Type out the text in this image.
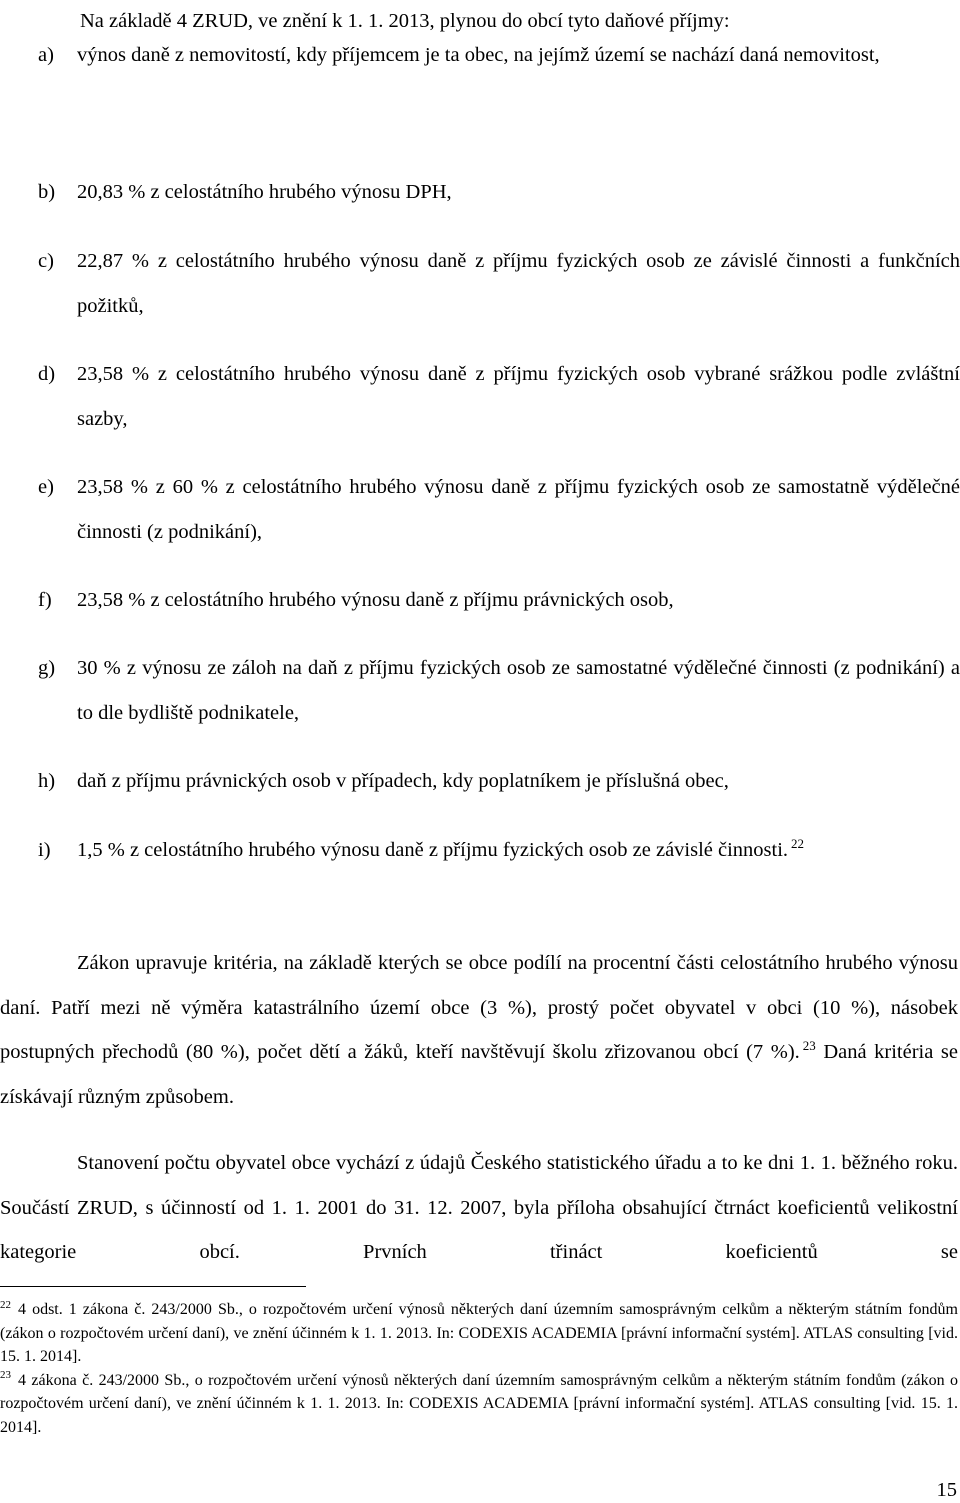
Na základě 4 ZRUD, ve znění k 1. 1. 2013, plynou do obcí tyto daňové příjmy:

a) výnos daně z nemovitostí, kdy příjemcem je ta obec, na jejímž území se nachází daná nemovitost,
b) 20,83 % z celostátního hrubého výnosu DPH,
c) 22,87 % z celostátního hrubého výnosu daně z příjmu fyzických osob ze závislé činnosti a funkčních požitků,
d) 23,58 % z celostátního hrubého výnosu daně z příjmu fyzických osob vybrané srážkou podle zvláštní sazby,
e) 23,58 % z 60 % z celostátního hrubého výnosu daně z příjmu fyzických osob ze samostatně výdělečné činnosti (z podnikání),
f) 23,58 % z celostátního hrubého výnosu daně z příjmu právnických osob,
g) 30 % z výnosu ze záloh na daň z příjmu fyzických osob ze samostatné výdělečné činnosti (z podnikání) a to dle bydliště podnikatele,
h) daň z příjmu právnických osob v případech, kdy poplatníkem je příslušná obec,
i) 1,5 % z celostátního hrubého výnosu daně z příjmu fyzických osob ze závislé činnosti. $^{22}$

Zákon upravuje kritéria, na základě kterých se obce podílí na procentní části celostátního hrubého výnosu daní. Patří mezi ně výměra katastrálního území obce (3 %), prostý počet obyvatel v obci (10 %), násobek postupných přechodů (80 %), počet dětí a žáků, kteří navštěvují školu zřizovanou obcí (7 %). $^{23}$ Daná kritéria se získávají různým způsobem.

Stanovení počtu obyvatel obce vychází z údajů Českého statistického úřadu a to ke dni 1. 1. běžného roku. Součástí ZRUD, s účinností od 1. 1. 2001 do 31. 12. 2007, byla příloha obsahující čtrnáct koeficientů velikostní kategorie obcí. Prvních třináct koeficientů se

$^{22}$ 4 odst. 1 zákona č. 243/2000 Sb., o rozpočtovém určení výnosů některých daní územním samosprávným celkům a některým státním fondům (zákon o rozpočtovém určení daní), ve znění účinném k 1. 1. 2013. In: CODEXIS ACADEMIA [právní informační systém]. ATLAS consulting [vid. 15. 1. 2014].

$^{23}$ 4 zákona č. 243/2000 Sb., o rozpočtovém určení výnosů některých daní územním samosprávným celkům a některým státním fondům (zákon o rozpočtovém určení daní), ve znění účinném k 1. 1. 2013. In: CODEXIS ACADEMIA [právní informační systém]. ATLAS consulting [vid. 15. 1. 2014].

15
